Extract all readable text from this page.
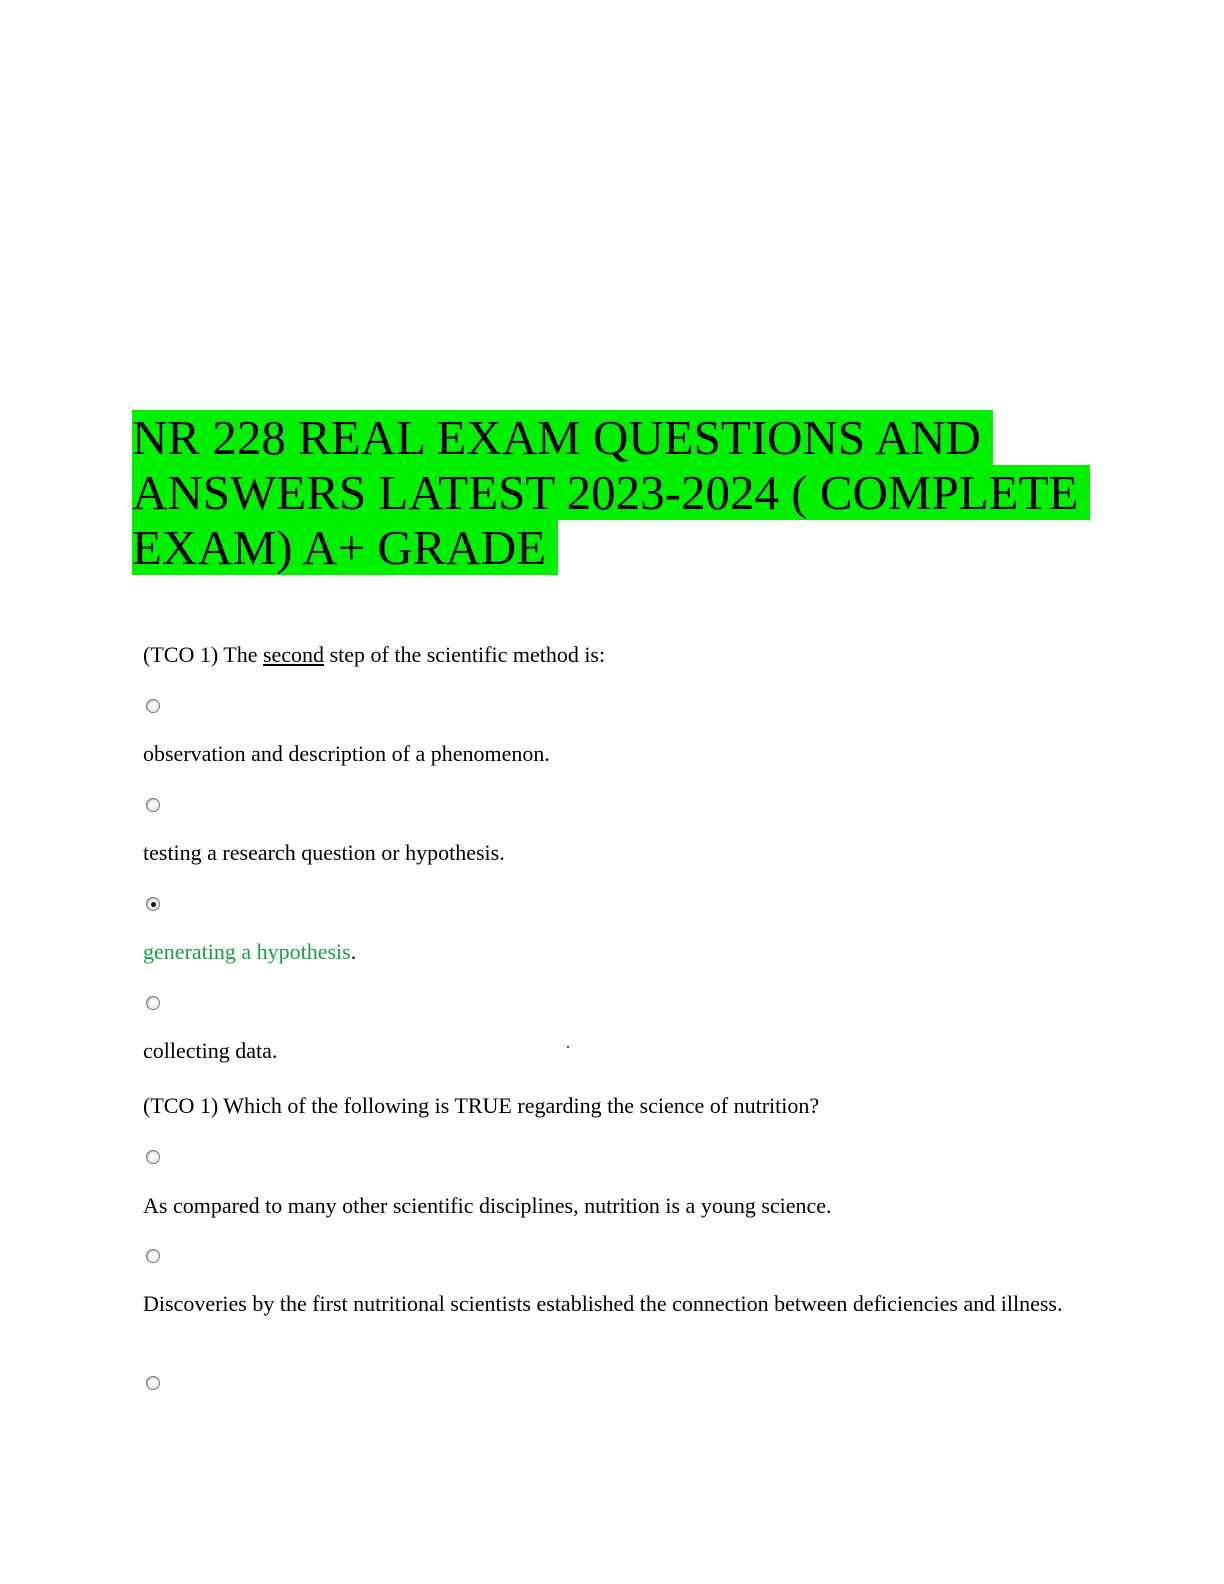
NR 228 REAL EXAM QUESTIONS AND
ANSWERS LATEST 2023-2024 ( COMPLETE
EXAM) A+ GRADE
(TCO 1) The second step of the scientific method is:
observation and description of a phenomenon.
testing a research question or hypothesis.
generating a hypothesis.
collecting data.
(TCO 1) Which of the following is TRUE regarding the science of nutrition?
As compared to many other scientific disciplines, nutrition is a young science.
Discoveries by the first nutritional scientists established the connection between deficiencies and illness.
